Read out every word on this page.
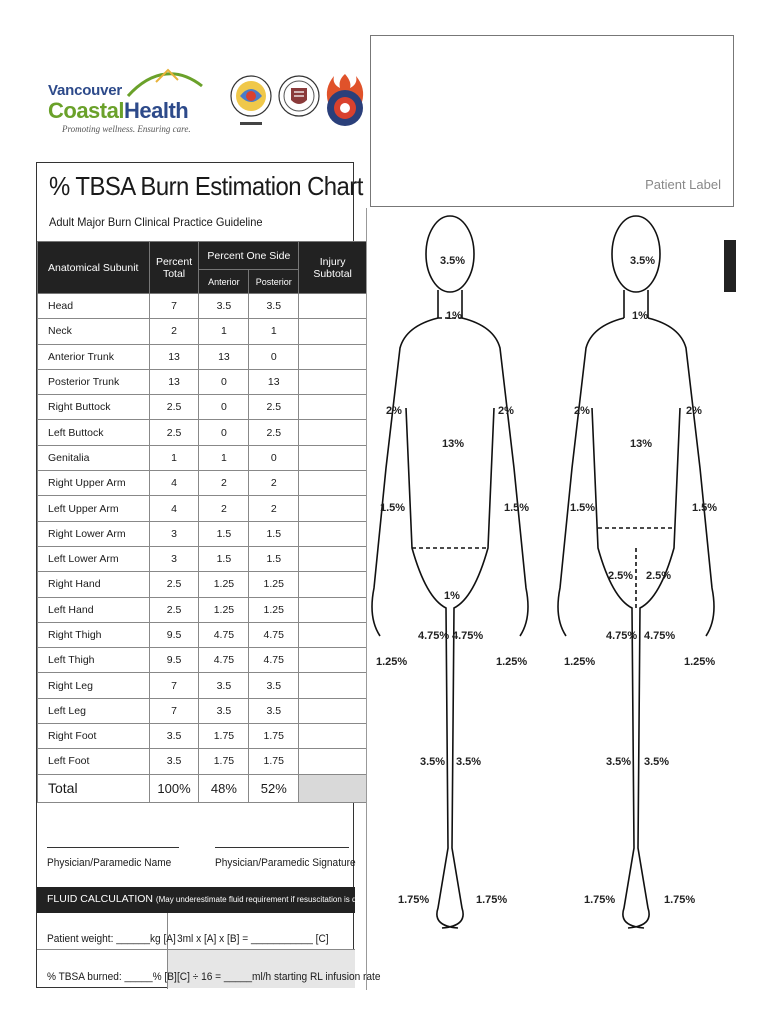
Vancouver
CoastalHealth
Promoting wellness. Ensuring care.
Patient Label
% TBSA Burn Estimation Chart
Adult Major Burn Clinical Practice Guideline
Anatomical Subunit	Percent Total	Percent One Side		Injury Subtotal
		Anterior	Posterior	
Head	7	3.5	3.5	
Neck	2	1	1	
Anterior Trunk	13	13	0	
Posterior Trunk	13	0	13	
Right Buttock	2.5	0	2.5	
Left Buttock	2.5	0	2.5	
Genitalia	1	1	0	
Right Upper Arm	4	2	2	
Left Upper Arm	4	2	2	
Right Lower Arm	3	1.5	1.5	
Left Lower Arm	3	1.5	1.5	
Right Hand	2.5	1.25	1.25	
Left Hand	2.5	1.25	1.25	
Right Thigh	9.5	4.75	4.75	
Left Thigh	9.5	4.75	4.75	
Right Leg	7	3.5	3.5	
Left Leg	7	3.5	3.5	
Right Foot	3.5	1.75	1.75	
Left Foot	3.5	1.75	1.75	
Total	100%	48%	52%	
Physician/Paramedic Name	Physician/Paramedic Signature
FLUID CALCULATION (May underestimate fluid requirement if resuscitation is delayed)
Patient weight: ______kg [A] 3ml x [A] x [B] = ___________ [C]
% TBSA burned: _____% [B] [C] ÷ 16 = _____ml/h starting RL infusion rate
3.5%
1%
2%	2%
13%
1.5%	1.5%
1%
4.75% 4.75%
1.25%	1.25%
3.5% 3.5%
1.75%	1.75%
3.5%
1%
2%	2%
13%
1.5%	1.5%
2.5% 2.5%
4.75% 4.75%
1.25%	1.25%
3.5% 3.5%
1.75%	1.75%
